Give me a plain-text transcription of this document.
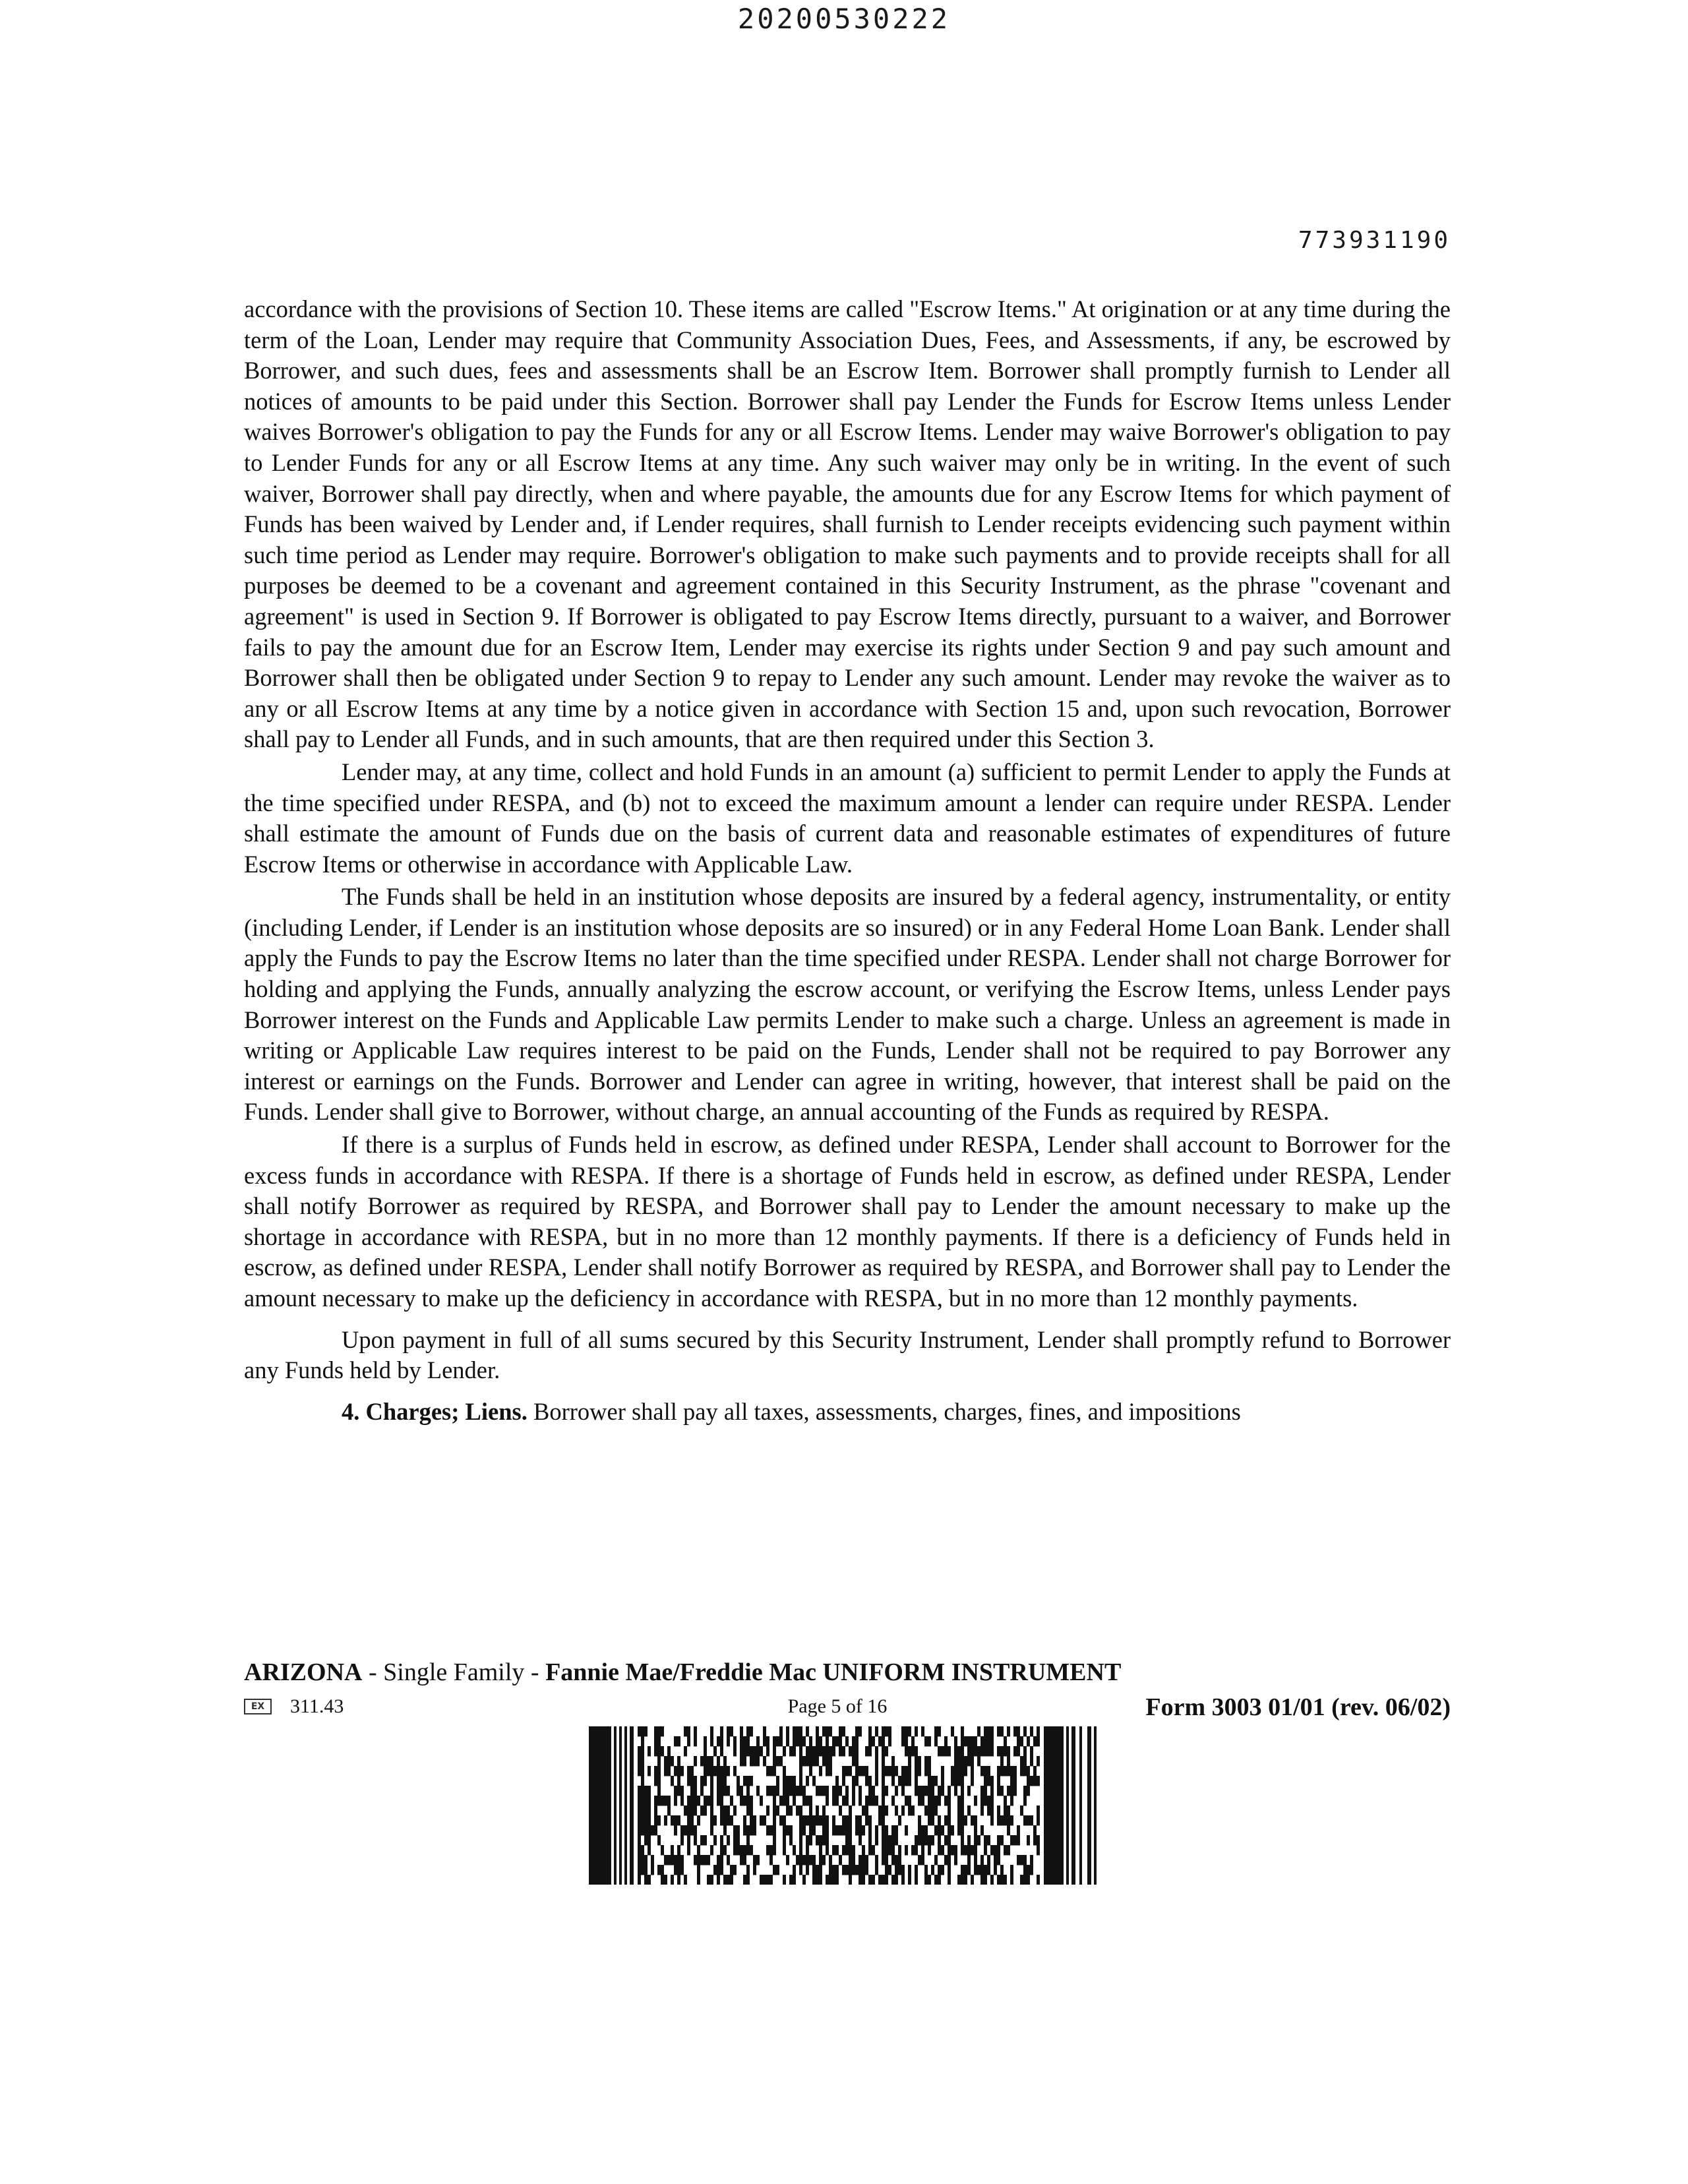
20200530222
773931190

accordance with the provisions of Section 10. These items are called "Escrow Items." At origination or at any time during the term of the Loan, Lender may require that Community Association Dues, Fees, and Assessments, if any, be escrowed by Borrower, and such dues, fees and assessments shall be an Escrow Item. Borrower shall promptly furnish to Lender all notices of amounts to be paid under this Section. Borrower shall pay Lender the Funds for Escrow Items unless Lender waives Borrower's obligation to pay the Funds for any or all Escrow Items. Lender may waive Borrower's obligation to pay to Lender Funds for any or all Escrow Items at any time. Any such waiver may only be in writing. In the event of such waiver, Borrower shall pay directly, when and where payable, the amounts due for any Escrow Items for which payment of Funds has been waived by Lender and, if Lender requires, shall furnish to Lender receipts evidencing such payment within such time period as Lender may require. Borrower's obligation to make such payments and to provide receipts shall for all purposes be deemed to be a covenant and agreement contained in this Security Instrument, as the phrase "covenant and agreement" is used in Section 9. If Borrower is obligated to pay Escrow Items directly, pursuant to a waiver, and Borrower fails to pay the amount due for an Escrow Item, Lender may exercise its rights under Section 9 and pay such amount and Borrower shall then be obligated under Section 9 to repay to Lender any such amount. Lender may revoke the waiver as to any or all Escrow Items at any time by a notice given in accordance with Section 15 and, upon such revocation, Borrower shall pay to Lender all Funds, and in such amounts, that are then required under this Section 3.

Lender may, at any time, collect and hold Funds in an amount (a) sufficient to permit Lender to apply the Funds at the time specified under RESPA, and (b) not to exceed the maximum amount a lender can require under RESPA. Lender shall estimate the amount of Funds due on the basis of current data and reasonable estimates of expenditures of future Escrow Items or otherwise in accordance with Applicable Law.

The Funds shall be held in an institution whose deposits are insured by a federal agency, instrumentality, or entity (including Lender, if Lender is an institution whose deposits are so insured) or in any Federal Home Loan Bank. Lender shall apply the Funds to pay the Escrow Items no later than the time specified under RESPA. Lender shall not charge Borrower for holding and applying the Funds, annually analyzing the escrow account, or verifying the Escrow Items, unless Lender pays Borrower interest on the Funds and Applicable Law permits Lender to make such a charge. Unless an agreement is made in writing or Applicable Law requires interest to be paid on the Funds, Lender shall not be required to pay Borrower any interest or earnings on the Funds. Borrower and Lender can agree in writing, however, that interest shall be paid on the Funds. Lender shall give to Borrower, without charge, an annual accounting of the Funds as required by RESPA.

If there is a surplus of Funds held in escrow, as defined under RESPA, Lender shall account to Borrower for the excess funds in accordance with RESPA. If there is a shortage of Funds held in escrow, as defined under RESPA, Lender shall notify Borrower as required by RESPA, and Borrower shall pay to Lender the amount necessary to make up the shortage in accordance with RESPA, but in no more than 12 monthly payments. If there is a deficiency of Funds held in escrow, as defined under RESPA, Lender shall notify Borrower as required by RESPA, and Borrower shall pay to Lender the amount necessary to make up the deficiency in accordance with RESPA, but in no more than 12 monthly payments.

Upon payment in full of all sums secured by this Security Instrument, Lender shall promptly refund to Borrower any Funds held by Lender.

4. Charges; Liens. Borrower shall pay all taxes, assessments, charges, fines, and impositions

ARIZONA - Single Family - Fannie Mae/Freddie Mac UNIFORM INSTRUMENT
EX	311.43	Page 5 of 16	Form 3003 01/01 (rev. 06/02)
